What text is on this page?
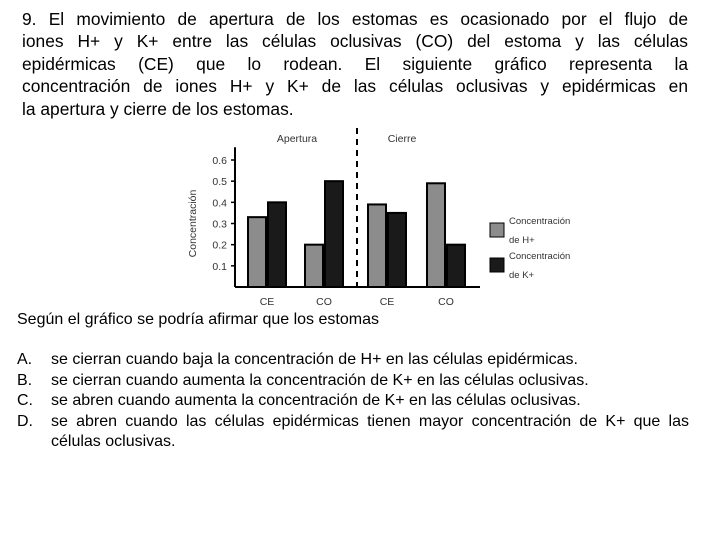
9. El movimiento de apertura de los estomas es ocasionado por el flujo de
iones H+ y K+ entre las células oclusivas (CO) del estoma y las células
epidérmicas (CE) que lo rodean. El siguiente gráfico representa la
concentración de iones H+ y K+ de las células oclusivas y epidérmicas en
la apertura y cierre de los estomas.
0.1
0.2
0.3
0.4
0.5
0.6
Concentración
CE	CO	CE	CO
Apertura	Cierre
Concentración
de H+
Concentración
de K+
Según el gráfico se podría afirmar que los estomas
A.	se cierran cuando baja la concentración de H+ en las células epidérmicas.
B.	se cierran cuando aumenta la concentración de K+ en las células oclusivas.
C.	se abren cuando aumenta la concentración de K+ en las células oclusivas.
D.	se abren cuando las células epidérmicas tienen mayor concentración de K+ que las células oclusivas.
